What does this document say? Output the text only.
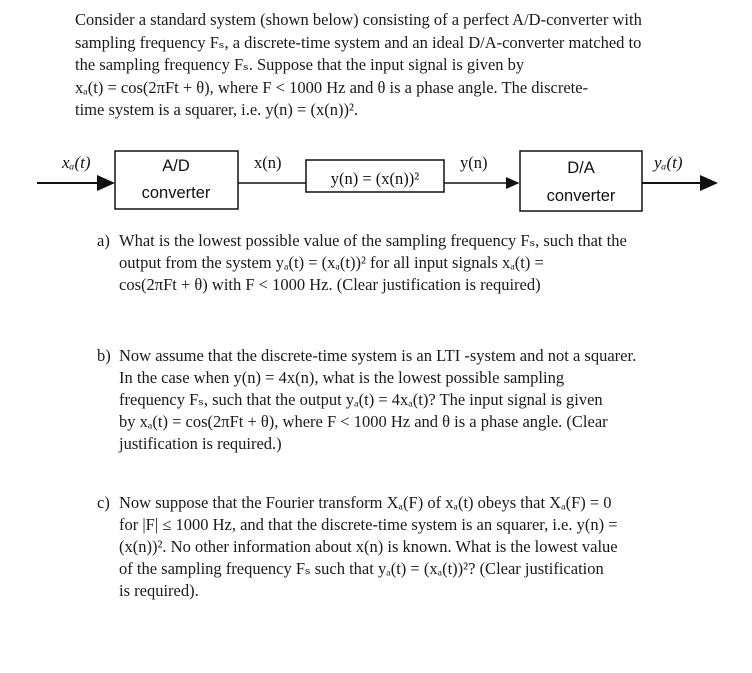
Consider a standard system (shown below) consisting of a perfect A/D-converter with

sampling frequency Fₛ, a discrete-time system and an ideal D/A-converter matched to

the sampling frequency Fₛ. Suppose that the input signal is given by

xₐ(t) = cos(2πFt + θ), where F < 1000 Hz and θ is a phase angle. The discrete-

time system is a squarer, i.e. y(n) = (x(n))².

xₐ(t)	A/D
converter
x(n)
y(n) = (x(n))²
y(n)	D/A
converter
yₐ(t)
a) What is the lowest possible value of the sampling frequency Fₛ, such that the
output from the system yₐ(t) = (xₐ(t))² for all input signals xₐ(t) =
cos(2πFt + θ) with F < 1000 Hz. (Clear justification is required)
b) Now assume that the discrete-time system is an LTI -system and not a squarer.
In the case when y(n) = 4x(n), what is the lowest possible sampling
frequency Fₛ, such that the output yₐ(t) = 4xₐ(t)? The input signal is given
by xₐ(t) = cos(2πFt + θ), where F < 1000 Hz and θ is a phase angle. (Clear
justification is required.)
c) Now suppose that the Fourier transform Xₐ(F) of xₐ(t) obeys that Xₐ(F) = 0
for |F| ≤ 1000 Hz, and that the discrete-time system is an squarer, i.e. y(n) =
(x(n))². No other information about x(n) is known. What is the lowest value
of the sampling frequency Fₛ such that yₐ(t) = (xₐ(t))²? (Clear justification
is required).
